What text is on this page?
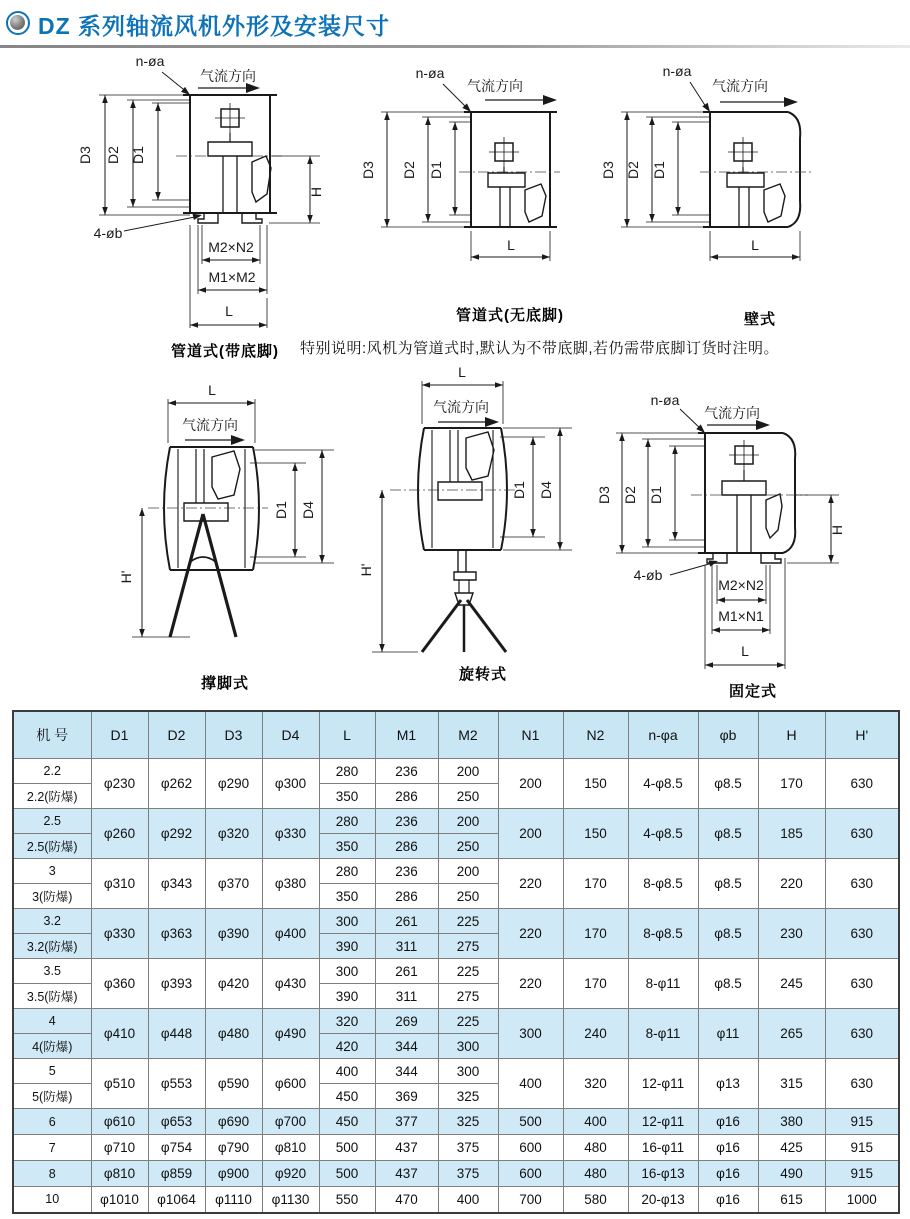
DZ 系列轴流风机外形及安装尺寸
D3 D2 D1
H
n-øa
气流方向
4-øb
M2×N2
M1×M2
L
管道式(带底脚)
D3 D2 D1
n-øa
气流方向
L
管道式(无底脚)
D3 D2 D1
n-øa
气流方向
L
壁式
L
气流方向
D1 D4
H'
撑脚式
L
气流方向
D1 D4
H'
旋转式
D3 D2 D1
n-øa
气流方向
H
4-øb
M2×N2
M1×N1
L
固定式
特别说明:风机为管道式时,默认为不带底脚,若仍需带底脚订货时注明。
机 号	D1	D2	D3	D4	L	M1	M2	N1	N2	n-φa	φb	H	H'
2.2	φ230	φ262	φ290	φ300	280	236	200	200	150	4-φ8.5	φ8.5	170	630
2.2(防爆)					350	286	250						
2.5	φ260	φ292	φ320	φ330	280	236	200	200	150	4-φ8.5	φ8.5	185	630
2.5(防爆)					350	286	250						
3	φ310	φ343	φ370	φ380	280	236	200	220	170	8-φ8.5	φ8.5	220	630
3(防爆)					350	286	250						
3.2	φ330	φ363	φ390	φ400	300	261	225	220	170	8-φ8.5	φ8.5	230	630
3.2(防爆)					390	311	275						
3.5	φ360	φ393	φ420	φ430	300	261	225	220	170	8-φ11	φ8.5	245	630
3.5(防爆)					390	311	275						
4	φ410	φ448	φ480	φ490	320	269	225	300	240	8-φ11	φ11	265	630
4(防爆)					420	344	300						
5	φ510	φ553	φ590	φ600	400	344	300	400	320	12-φ11	φ13	315	630
5(防爆)					450	369	325						
6	φ610	φ653	φ690	φ700	450	377	325	500	400	12-φ11	φ16	380	915
7	φ710	φ754	φ790	φ810	500	437	375	600	480	16-φ11	φ16	425	915
8	φ810	φ859	φ900	φ920	500	437	375	600	480	16-φ13	φ16	490	915
10	φ1010	φ1064	φ1110	φ1130	550	470	400	700	580	20-φ13	φ16	615	1000
